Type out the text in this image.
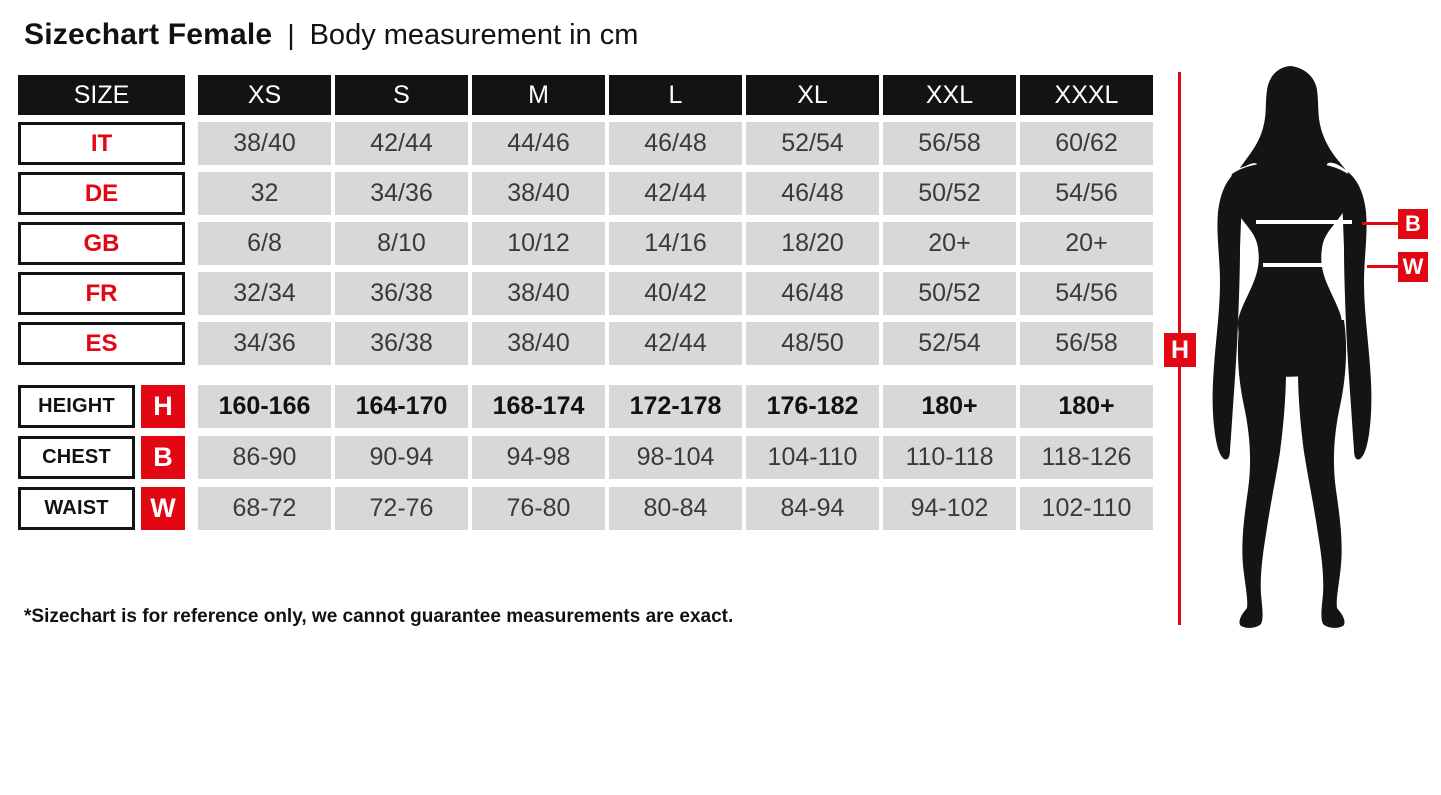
Sizechart Female | Body measurement in cm
SIZE	XS	S	M	L	XL	XXL	XXXL
IT	38/40	42/44	44/46	46/48	52/54	56/58	60/62
DE	32	34/36	38/40	42/44	46/48	50/52	54/56
GB	6/8	8/10	10/12	14/16	18/20	20+	20+
FR	32/34	36/38	38/40	40/42	46/48	50/52	54/56
ES	34/36	36/38	38/40	42/44	48/50	52/54	56/58
HEIGHT	H	160-166	164-170	168-174	172-178	176-182	180+	180+
CHEST	B	86-90	90-94	94-98	98-104	104-110	110-118	118-126
WAIST	W	68-72	72-76	76-80	80-84	84-94	94-102	102-110
H
B
W
*Sizechart is for reference only, we cannot guarantee measurements are exact.
